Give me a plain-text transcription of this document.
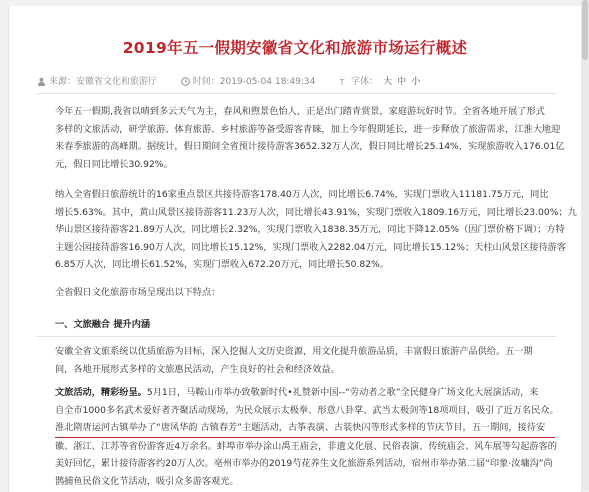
2019年五一假期安徽省文化和旅游市场运行概述
来源：安徽省文化和旅游厅	时间：2019-05-04 18:49:34	T 字体： 大 中 小
今年五一假期,我省以晴到多云天气为主，春风和煦景色怡人，正是出门踏青赏景，家庭游玩好时节。全省各地开展了形式
多样的文旅活动，研学旅游、体育旅游、乡村旅游等备受游客青睐，加上今年假期延长，进一步释放了旅游需求，江淮大地迎
来春季旅游的高峰期。据统计，假日期间全省预计接待游客3652.32万人次，假日同比增长25.14%，实现旅游收入176.01亿
元，假日同比增长30.92%。
纳入全省假日旅游统计的16家重点景区共接待游客178.40万人次，同比增长6.74%，实现门票收入11181.75万元，同比
增长5.63%。其中，黄山风景区接待游客11.23万人次，同比增长43.91%，实现门票收入1809.16万元，同比增长23.00%；九
华山景区接待游客21.89万人次，同比增长2.32%，实现门票收入1838.35万元，同比下降12.05%（因门票价格下调）；方特
主题公园接待游客16.90万人次，同比增长15.12%，实现门票收入2282.04万元，同比增长15.12%；天柱山风景区接待游客
6.85万人次，同比增长61.52%，实现门票收入672.20万元，同比增长50.82%。
全省假日文化旅游市场呈现出以下特点：
一、文旅融合 提升内涵
安徽全省文旅系统以优质旅游为目标，深入挖掘人文历史资源，用文化提升旅游品质，丰富假日旅游产品供给。五一期
间，各地开展形式多样的文旅惠民活动，产生良好的社会和经济效益。
文旅活动，精彩纷呈。5月1日，马鞍山市举办致敬新时代•礼赞新中国--“劳动者之歌”全民健身广场文化大展演活动，来
自全市1000多名武术爱好者齐聚活动现场，为民众展示太极拳、形意八卦掌、武当太极剑等18项项目，吸引了近万名民众。
淮北隋唐运河古镇举办了“唐风华韵 古镇春芳”主题活动，古筝表演、古装快闪等形式多样的节庆节目，五一期间，接待安
徽、浙江、江苏等省份游客近4万余名。蚌埠市举办涂山禹王庙会，非遗文化展、民俗表演、传统庙会、风车展等勾起游客的
美好回忆，累计接待游客约20万人次。亳州市举办的2019芍花养生文化旅游系列活动，宿州市举办第二届“印象·汝墉沟”尚
鹊捕鱼民俗文化节活动，吸引众多游客观光。
